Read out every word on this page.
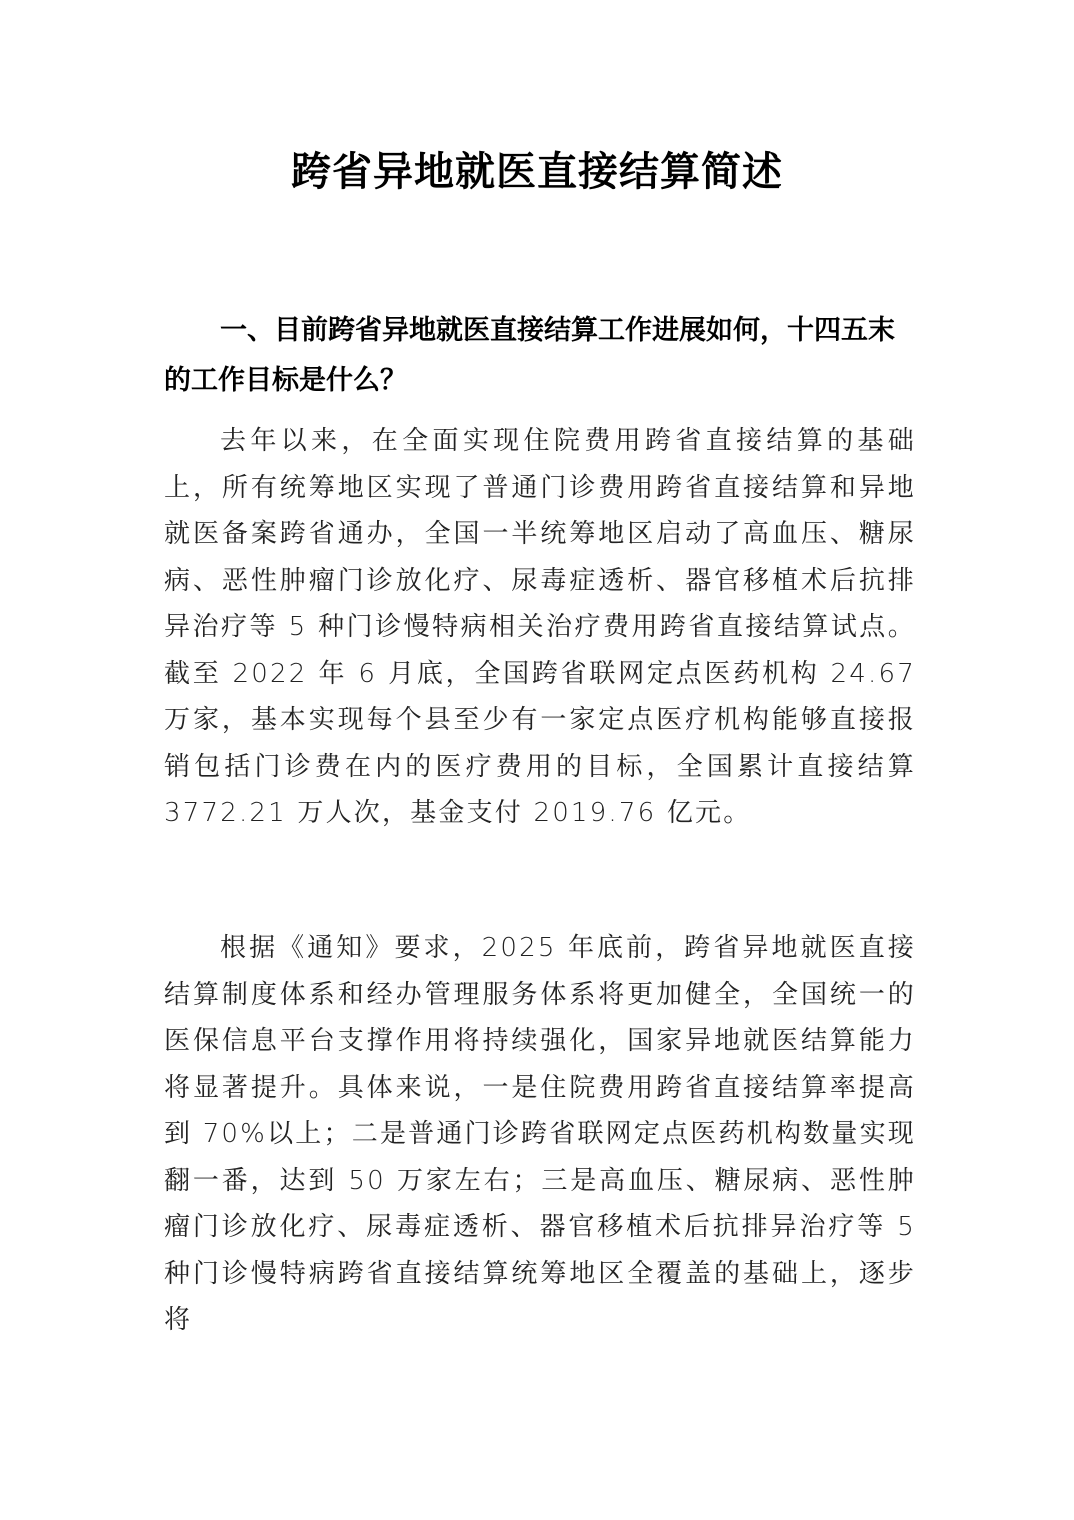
跨省异地就医直接结算简述

一、目前跨省异地就医直接结算工作进展如何，十四五末的工作目标是什么？

去年以来，在全面实现住院费用跨省直接结算的基础上，所有统筹地区实现了普通门诊费用跨省直接结算和异地就医备案跨省通办，全国一半统筹地区启动了高血压、糖尿病、恶性肿瘤门诊放化疗、尿毒症透析、器官移植术后抗排异治疗等 5 种门诊慢特病相关治疗费用跨省直接结算试点。截至 2022 年 6 月底，全国跨省联网定点医药机构 24.67 万家，基本实现每个县至少有一家定点医疗机构能够直接报销包括门诊费在内的医疗费用的目标，全国累计直接结算 3772.21 万人次，基金支付 2019.76 亿元。

根据《通知》要求，2025 年底前，跨省异地就医直接结算制度体系和经办管理服务体系将更加健全，全国统一的医保信息平台支撑作用将持续强化，国家异地就医结算能力将显著提升。具体来说，一是住院费用跨省直接结算率提高到 70%以上；二是普通门诊跨省联网定点医药机构数量实现翻一番，达到 50 万家左右；三是高血压、糖尿病、恶性肿瘤门诊放化疗、尿毒症透析、器官移植术后抗排异治疗等 5 种门诊慢特病跨省直接结算统筹地区全覆盖的基础上，逐步将
